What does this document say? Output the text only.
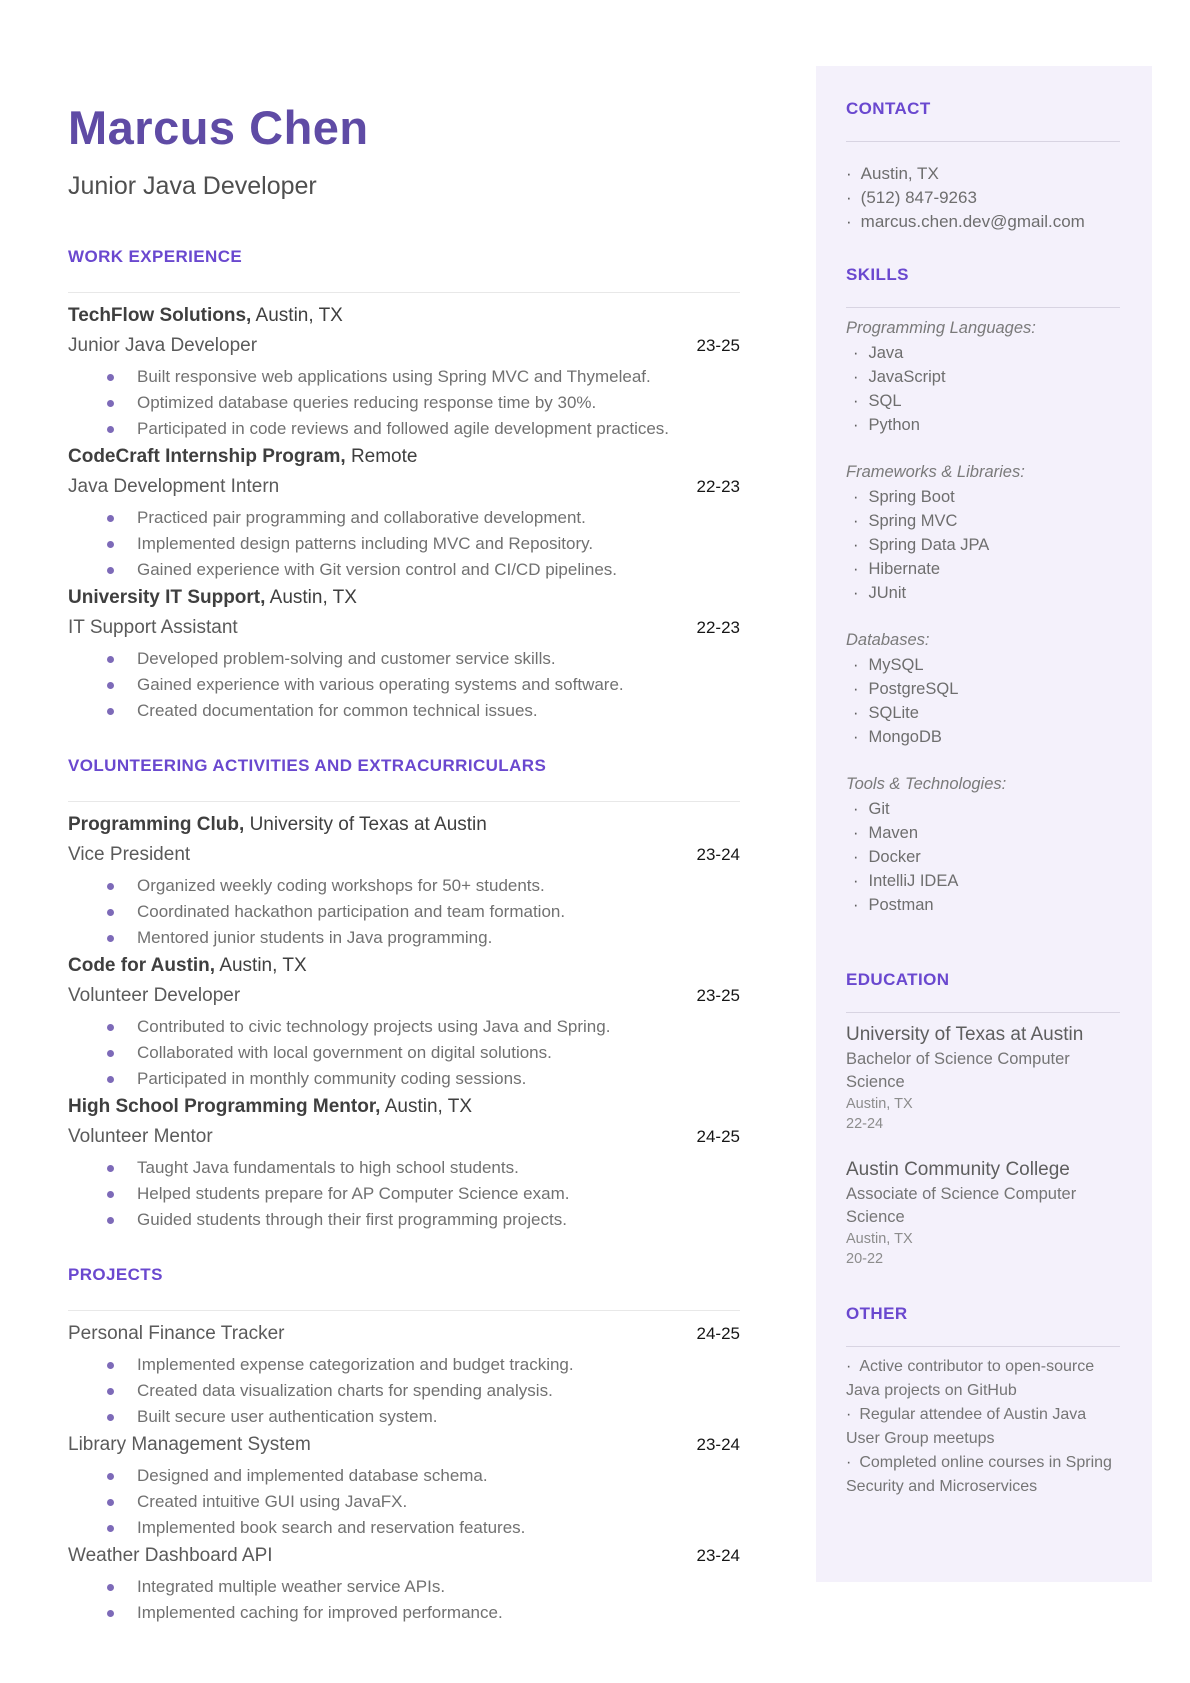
Marcus Chen
Junior Java Developer
WORK EXPERIENCE
TechFlow Solutions, Austin, TX
Junior Java Developer	23-25
Built responsive web applications using Spring MVC and Thymeleaf.
Optimized database queries reducing response time by 30%.
Participated in code reviews and followed agile development practices.
CodeCraft Internship Program, Remote
Java Development Intern	22-23
Practiced pair programming and collaborative development.
Implemented design patterns including MVC and Repository.
Gained experience with Git version control and CI/CD pipelines.
University IT Support, Austin, TX
IT Support Assistant	22-23
Developed problem-solving and customer service skills.
Gained experience with various operating systems and software.
Created documentation for common technical issues.
VOLUNTEERING ACTIVITIES AND EXTRACURRICULARS
Programming Club, University of Texas at Austin
Vice President	23-24
Organized weekly coding workshops for 50+ students.
Coordinated hackathon participation and team formation.
Mentored junior students in Java programming.
Code for Austin, Austin, TX
Volunteer Developer	23-25
Contributed to civic technology projects using Java and Spring.
Collaborated with local government on digital solutions.
Participated in monthly community coding sessions.
High School Programming Mentor, Austin, TX
Volunteer Mentor	24-25
Taught Java fundamentals to high school students.
Helped students prepare for AP Computer Science exam.
Guided students through their first programming projects.
PROJECTS
Personal Finance Tracker	24-25
Implemented expense categorization and budget tracking.
Created data visualization charts for spending analysis.
Built secure user authentication system.
Library Management System	23-24
Designed and implemented database schema.
Created intuitive GUI using JavaFX.
Implemented book search and reservation features.
Weather Dashboard API	23-24
Integrated multiple weather service APIs.
Implemented caching for improved performance.
CONTACT
· Austin, TX
· (512) 847-9263
· marcus.chen.dev@gmail.com
SKILLS
Programming Languages:
· Java
· JavaScript
· SQL
· Python
Frameworks & Libraries:
· Spring Boot
· Spring MVC
· Spring Data JPA
· Hibernate
· JUnit
Databases:
· MySQL
· PostgreSQL
· SQLite
· MongoDB
Tools & Technologies:
· Git
· Maven
· Docker
· IntelliJ IDEA
· Postman
EDUCATION
University of Texas at Austin
Bachelor of Science Computer Science
Austin, TX
22-24
Austin Community College
Associate of Science Computer Science
Austin, TX
20-22
OTHER
· Active contributor to open-source Java projects on GitHub
· Regular attendee of Austin Java User Group meetups
· Completed online courses in Spring Security and Microservices
